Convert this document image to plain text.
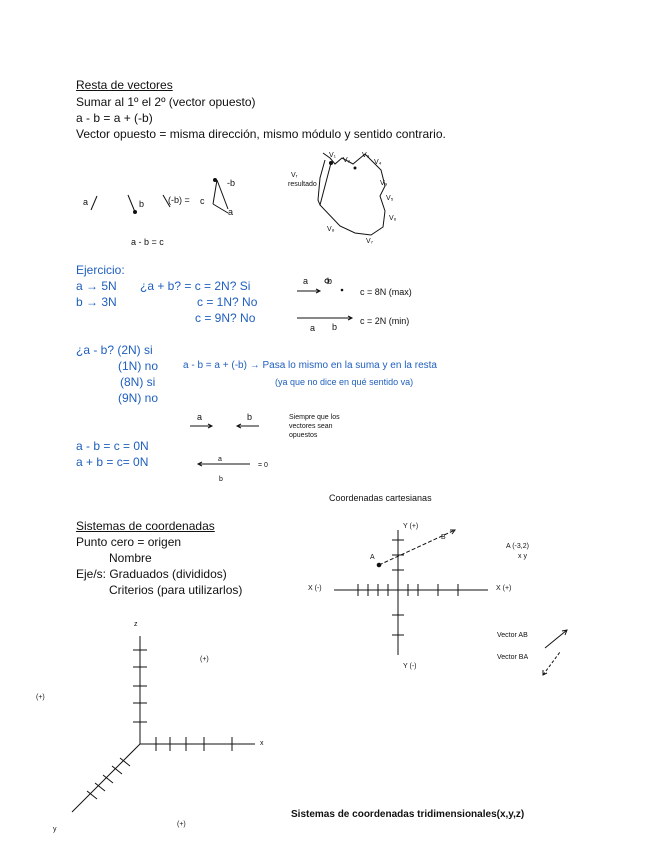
Resta de vectores
Sumar al 1º el 2º (vector opuesto)
a - b = a + (-b)
Vector opuesto = misma dirección, mismo módulo y sentido contrario.
a	b	(-b) = c
-b
a
a - b = c
resultado
V₁
V₂
V₃
V₄
V₅
V₆
V₇
V₈
V₉
Vᵣ
Ejercicio:
a → 5N
b → 3N
¿a + b? = c = 2N? Si
c = 1N? No
c = 9N? No
a b
c = 8N (max)
a b
c = 2N (min)
¿a - b? (2N) si
(1N) no
(8N) si
(9N) no
a - b = a + (-b) → Pasa lo mismo en la suma y en la resta
(ya que no dice en qué sentido va)
a	b	Siempre que los
vectores sean
opuestos
a - b = c = 0N
a + b = c= 0N	a
b
= 0
Coordenadas cartesianas
Sistemas de coordenadas
Punto cero = origen
Nombre
Eje/s: Graduados (divididos)
Criterios (para utilizarlos)
Y (+)
Y (-)
X (-)	X (+)
A
B
A (-3,2)
x y
Vector AB
Vector BA
z
x
y
(+)
(+)
(+)
Sistemas de coordenadas tridimensionales(x,y,z)
